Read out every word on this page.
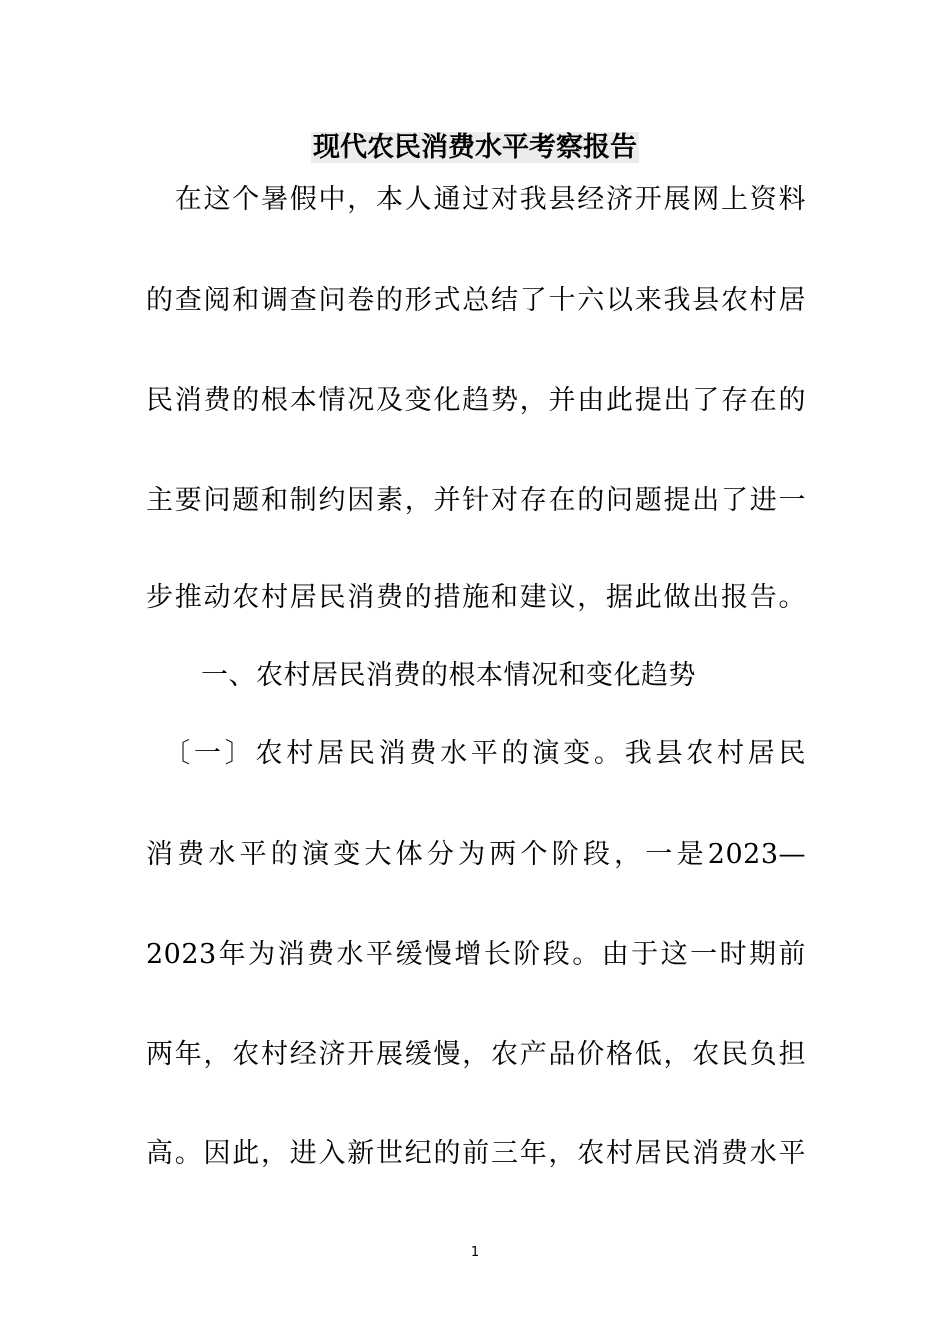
现代农民消费水平考察报告
　在这个暑假中，本人通过对我县经济开展网上资料
的查阅和调查问卷的形式总结了十六以来我县农村居
民消费的根本情况及变化趋势，并由此提出了存在的
主要问题和制约因素，并针对存在的问题提出了进一
步推动农村居民消费的措施和建议，据此做出报告。
　　一、农村居民消费的根本情况和变化趋势
　〔一〕农村居民消费水平的演变。我县农村居民
消费水平的演变大体分为两个阶段，一是2023—
2023年为消费水平缓慢增长阶段。由于这一时期前
两年，农村经济开展缓慢，农产品价格低，农民负担
高。因此，进入新世纪的前三年，农村居民消费水平
1
